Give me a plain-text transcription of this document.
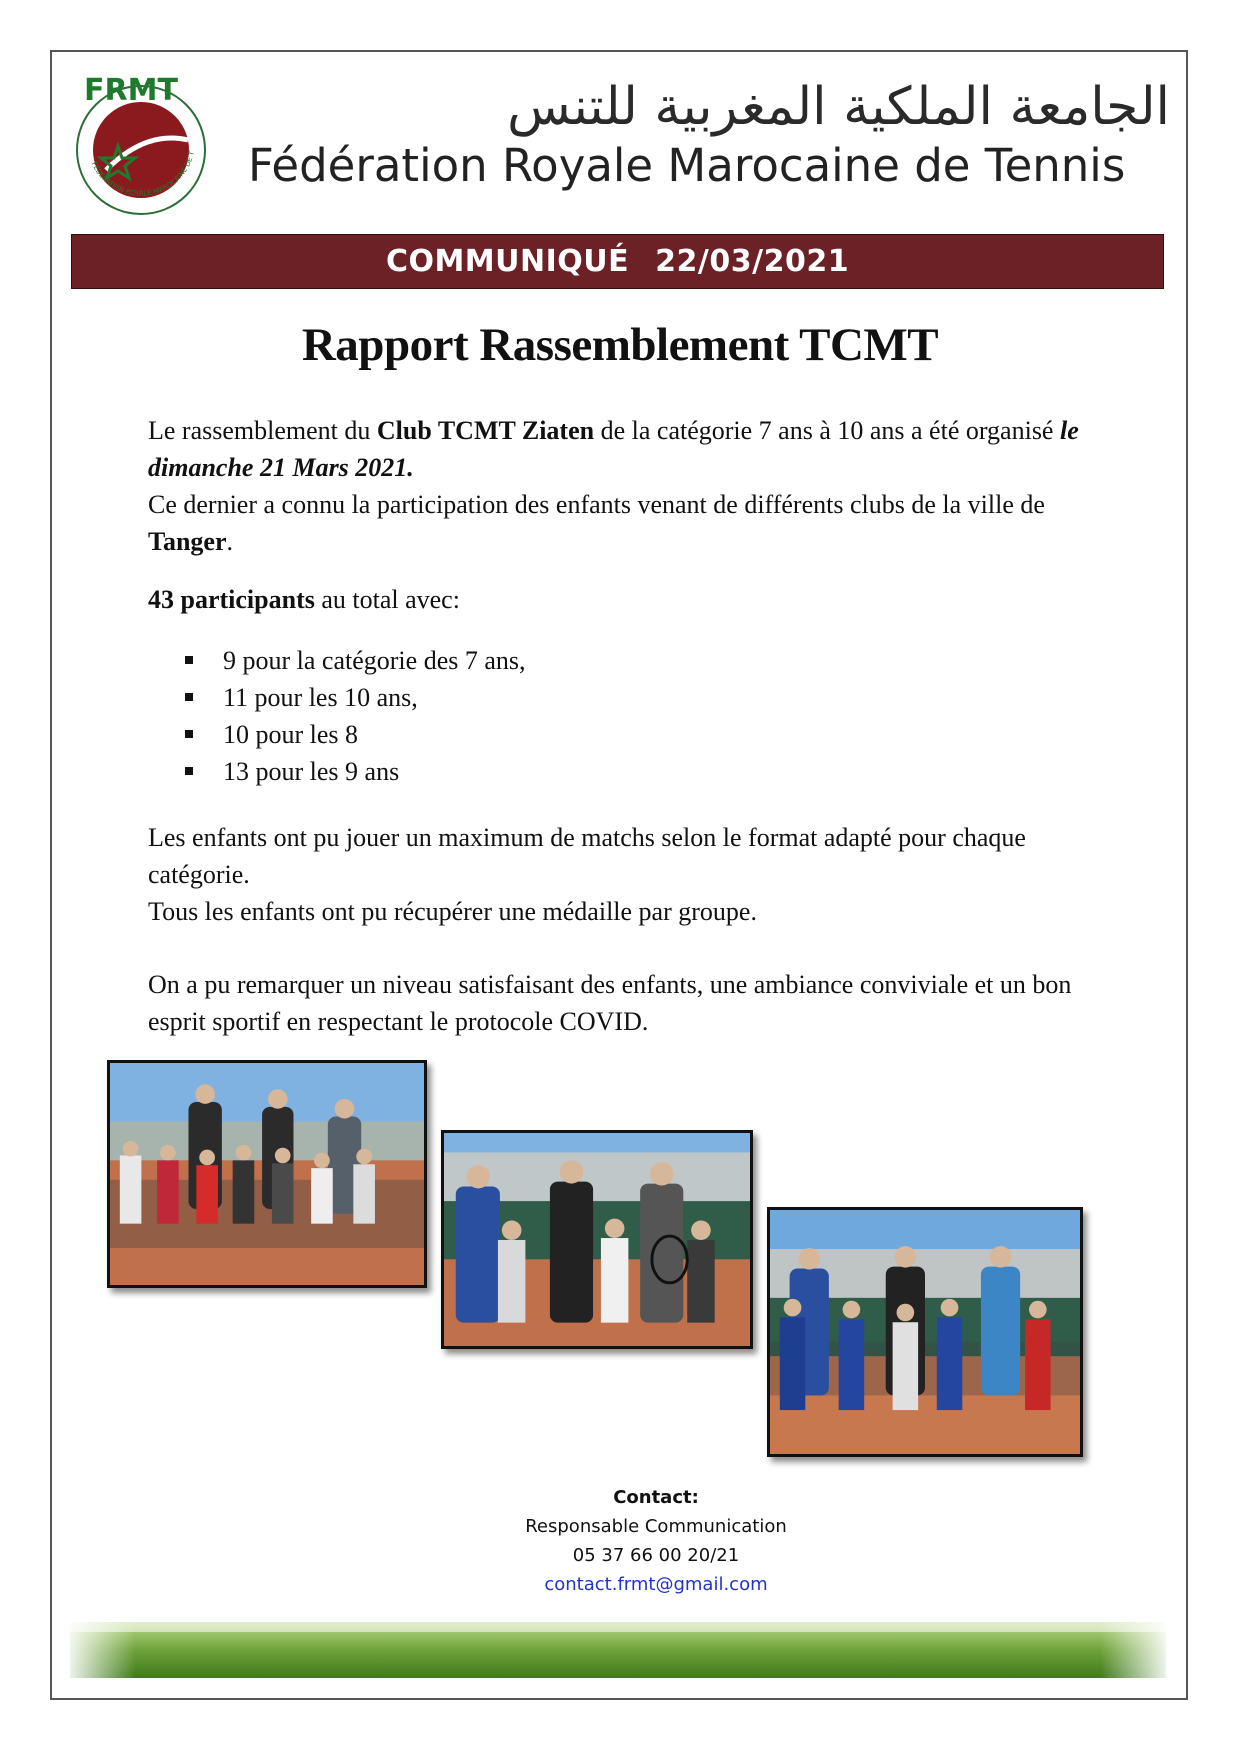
FRMT
FÉDÉRATION ROYALE MAROCAINE DE T
الجامعة الملكية المغربية للتنس
Fédération Royale Marocaine de Tennis
COMMUNIQUÉ 22/03/2021
Rapport Rassemblement TCMT
Le rassemblement du Club TCMT Ziaten de la catégorie 7 ans à 10 ans a été organisé le dimanche 21 Mars 2021.
Ce dernier a connu la participation des enfants venant de différents clubs de la ville de Tanger.
43 participants au total avec:
9 pour la catégorie des 7 ans,
11 pour les 10 ans,
10 pour les 8
13 pour les 9 ans
Les enfants ont pu jouer un maximum de matchs selon le format adapté pour chaque catégorie.
Tous les enfants ont pu récupérer une médaille par groupe.
On a pu remarquer un niveau satisfaisant des enfants, une ambiance conviviale et un bon esprit sportif en respectant le protocole COVID.
Contact:
Responsable Communication
05 37 66 00 20/21
contact.frmt@gmail.com
